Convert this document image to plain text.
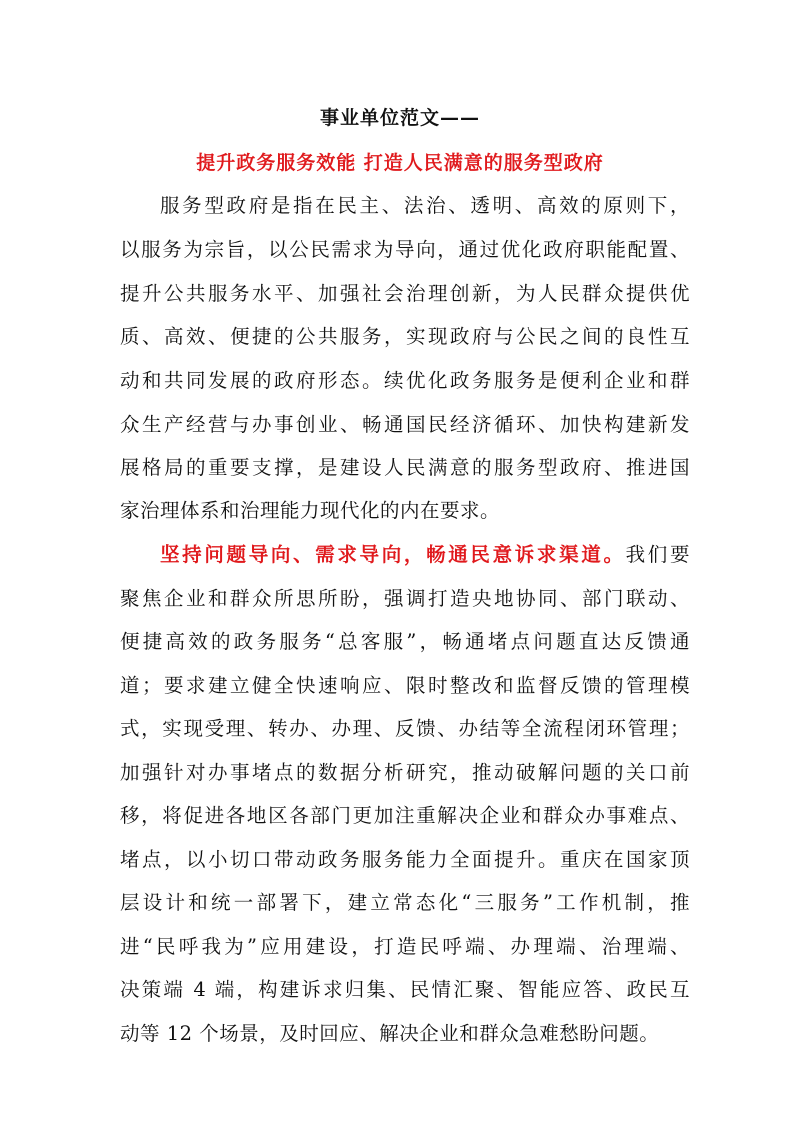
事业单位范文——
提升政务服务效能 打造人民满意的服务型政府
服务型政府是指在民主、法治、透明、高效的原则下，
以服务为宗旨，以公民需求为导向，通过优化政府职能配置、
提升公共服务水平、加强社会治理创新，为人民群众提供优
质、高效、便捷的公共服务，实现政府与公民之间的良性互
动和共同发展的政府形态。续优化政务服务是便利企业和群
众生产经营与办事创业、畅通国民经济循环、加快构建新发
展格局的重要支撑，是建设人民满意的服务型政府、推进国
家治理体系和治理能力现代化的内在要求。
坚持问题导向、需求导向，畅通民意诉求渠道。我们要
聚焦企业和群众所思所盼，强调打造央地协同、部门联动、
便捷高效的政务服务“总客服”，畅通堵点问题直达反馈通
道；要求建立健全快速响应、限时整改和监督反馈的管理模
式，实现受理、转办、办理、反馈、办结等全流程闭环管理；
加强针对办事堵点的数据分析研究，推动破解问题的关口前
移，将促进各地区各部门更加注重解决企业和群众办事难点、
堵点，以小切口带动政务服务能力全面提升。重庆在国家顶
层设计和统一部署下，建立常态化“三服务”工作机制，推
进“民呼我为”应用建设，打造民呼端、办理端、治理端、
决策端 4 端，构建诉求归集、民情汇聚、智能应答、政民互
动等 12 个场景，及时回应、解决企业和群众急难愁盼问题。
